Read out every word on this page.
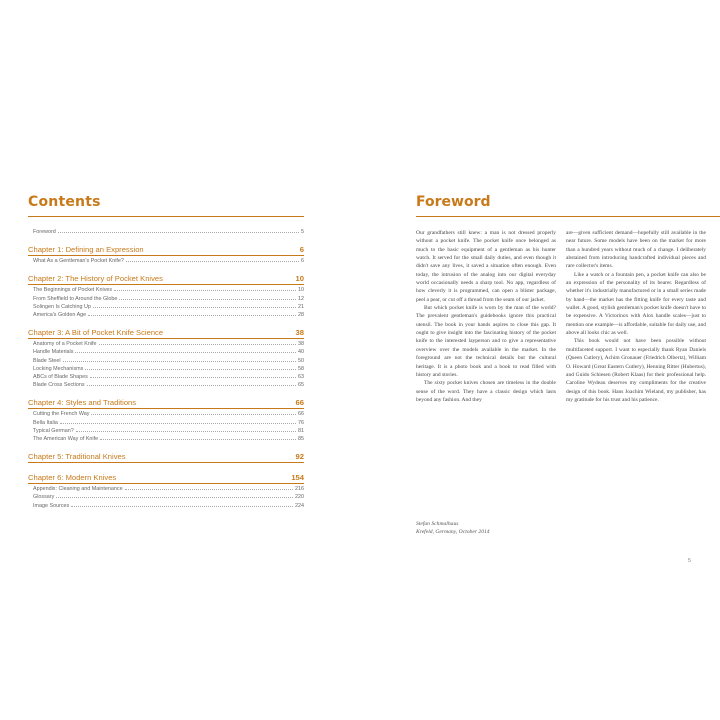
Contents
Foreword	5
Chapter 1: Defining an Expression	6
What As a Gentleman's Pocket Knife?	6
Chapter 2: The History of Pocket Knives	10
The Beginnings of Pocket Knives	10
From Sheffield to Around the Globe	12
Solingen Is Catching Up	21
America's Golden Age	28
Chapter 3: A Bit of Pocket Knife Science	38
Anatomy of a Pocket Knife	38
Handle Materials	40
Blade Steel	50
Locking Mechanisms	58
ABCs of Blade Shapes	63
Blade Cross Sections	65
Chapter 4: Styles and Traditions	66
Cutting the French Way	66
Bella Italia	76
Typical German?	81
The American Way of Knife	85
Chapter 5: Traditional Knives	92
Chapter 6: Modern Knives	154
Appendix: Cleaning and Maintenance	216
Glossary	220
Image Sources	224
Foreword

Our grandfathers still knew: a man is not dressed properly without a pocket knife. The pocket knife once belonged as much to the basic equipment of a gentleman as his hunter watch. It served for the small daily duties, and even though it didn't save any lives, it saved a situation often enough. Even today, the intrusion of the analog into our digital everyday world occasionally needs a sharp tool. No app, regardless of how cleverly it is programmed, can open a blister package, peel a pear, or cut off a thread from the seam of our jacket.

But which pocket knife is worn by the man of the world? The prevalent gentleman's guidebooks ignore this practical utensil. The book in your hands aspires to close this gap. It ought to give insight into the fascinating history of the pocket knife to the interested layperson and to give a representative overview over the models available in the market. In the foreground are not the technical details but the cultural heritage. It is a photo book and a book to read filled with history and stories.

The sixty pocket knives chosen are timeless in the double sense of the word. They have a classic design which lasts beyond any fashion. And they

are—given sufficient demand—hopefully still available in the near future. Some models have been on the market for more than a hundred years without much of a change. I deliberately abstained from introducing handcrafted individual pieces and rare collector's items.

Like a watch or a fountain pen, a pocket knife can also be an expression of the personality of its bearer. Regardless of whether it's industrially manufactured or in a small series made by hand—the market has the fitting knife for every taste and wallet. A good, stylish gentleman's pocket knife doesn't have to be expensive. A Victorinox with Alox handle scales—just to mention one example—is affordable, suitable for daily use, and above all looks chic as well.

This book would not have been possible without multifaceted support. I want to especially thank Ryan Daniels (Queen Cutlery), Achim Gronauer (Friedrich Olbertz), William O. Howard (Great Eastern Cutlery), Henning Ritter (Hubertus), and Guido Schiesen (Robert Klaas) for their professional help. Caroline Wydeau deserves my compliments for the creative design of this book. Hans Joachim Wieland, my publisher, has my gratitude for his trust and his patience.

Stefan Schmalhaus
Krefeld, Germany, October 2014
5
